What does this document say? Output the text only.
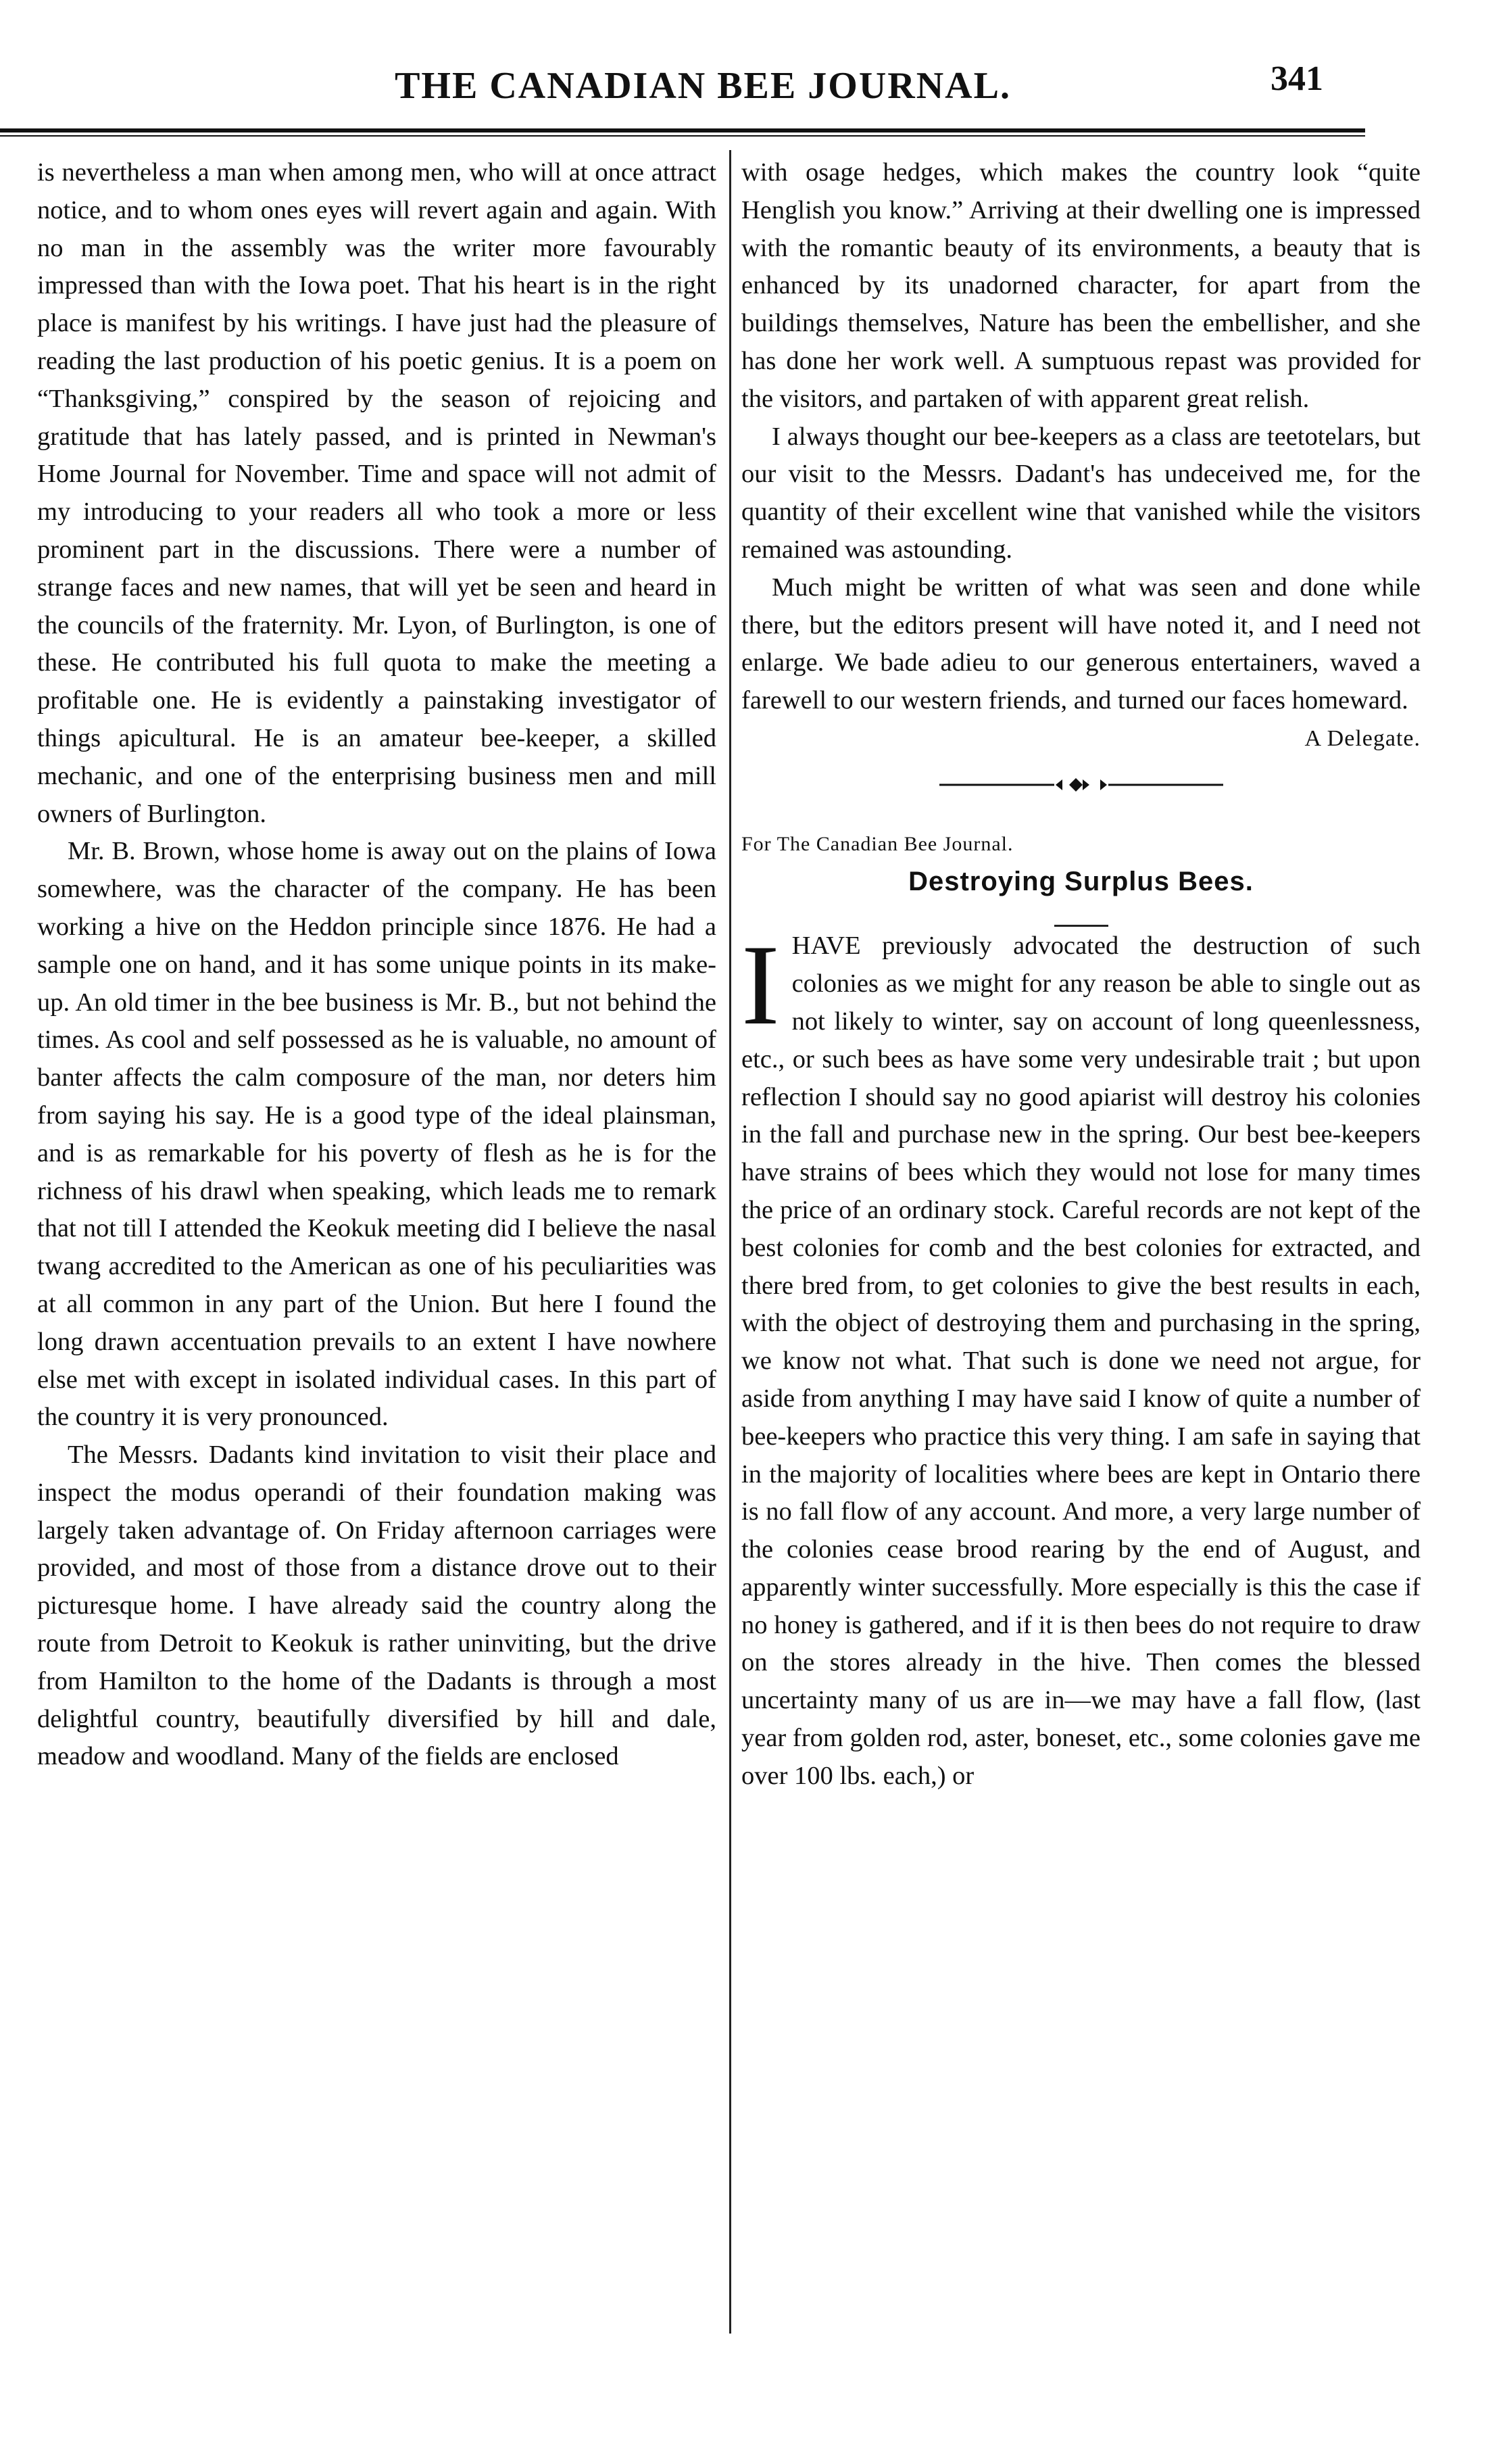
THE CANADIAN BEE JOURNAL.	341

is nevertheless a man when among men, who will at once attract notice, and to whom ones eyes will revert again and again. With no man in the assembly was the writer more favourably impressed than with the Iowa poet. That his heart is in the right place is manifest by his writings. I have just had the pleasure of reading the last production of his poetic genius. It is a poem on “Thanksgiving,” conspired by the season of rejoicing and gratitude that has lately passed, and is printed in Newman's Home Journal for November. Time and space will not admit of my introducing to your readers all who took a more or less prominent part in the discussions. There were a number of strange faces and new names, that will yet be seen and heard in the councils of the fraternity. Mr. Lyon, of Burlington, is one of these. He contributed his full quota to make the meeting a profitable one. He is evidently a painstaking investigator of things apicultural. He is an amateur bee-keeper, a skilled mechanic, and one of the enterprising business men and mill owners of Burlington.

Mr. B. Brown, whose home is away out on the plains of Iowa somewhere, was the character of the company. He has been working a hive on the Heddon principle since 1876. He had a sample one on hand, and it has some unique points in its make-up. An old timer in the bee business is Mr. B., but not behind the times. As cool and self possessed as he is valuable, no amount of banter affects the calm composure of the man, nor deters him from saying his say. He is a good type of the ideal plainsman, and is as remarkable for his poverty of flesh as he is for the richness of his drawl when speaking, which leads me to remark that not till I attended the Keokuk meeting did I believe the nasal twang accredited to the American as one of his peculiarities was at all common in any part of the Union. But here I found the long drawn accentuation prevails to an extent I have nowhere else met with except in isolated individual cases. In this part of the country it is very pronounced.

The Messrs. Dadants kind invitation to visit their place and inspect the modus operandi of their foundation making was largely taken advantage of. On Friday afternoon carriages were provided, and most of those from a distance drove out to their picturesque home. I have already said the country along the route from Detroit to Keokuk is rather uninviting, but the drive from Hamilton to the home of the Dadants is through a most delightful country, beautifully diversified by hill and dale, meadow and woodland. Many of the fields are enclosed

with osage hedges, which makes the country look “quite Henglish you know.” Arriving at their dwelling one is impressed with the romantic beauty of its environments, a beauty that is enhanced by its unadorned character, for apart from the buildings themselves, Nature has been the embellisher, and she has done her work well. A sumptuous repast was provided for the visitors, and partaken of with apparent great relish.

I always thought our bee-keepers as a class are teetotelars, but our visit to the Messrs. Dadant's has undeceived me, for the quantity of their excellent wine that vanished while the visitors remained was astounding.

Much might be written of what was seen and done while there, but the editors present will have noted it, and I need not enlarge. We bade adieu to our generous entertainers, waved a farewell to our western friends, and turned our faces homeward.

A Delegate.

For The Canadian Bee Journal.

Destroying Surplus Bees.

IHAVE previously advocated the destruction of such colonies as we might for any reason be able to single out as not likely to winter, say on account of long queenlessness, etc., or such bees as have some very undesirable trait ; but upon reflection I should say no good apiarist will destroy his colonies in the fall and purchase new in the spring. Our best bee-keepers have strains of bees which they would not lose for many times the price of an ordinary stock. Careful records are not kept of the best colonies for comb and the best colonies for extracted, and there bred from, to get colonies to give the best results in each, with the object of destroying them and purchasing in the spring, we know not what. That such is done we need not argue, for aside from anything I may have said I know of quite a number of bee-keepers who practice this very thing. I am safe in saying that in the majority of localities where bees are kept in Ontario there is no fall flow of any account. And more, a very large number of the colonies cease brood rearing by the end of August, and apparently winter successfully. More especially is this the case if no honey is gathered, and if it is then bees do not require to draw on the stores already in the hive. Then comes the blessed uncertainty many of us are in—we may have a fall flow, (last year from golden rod, aster, boneset, etc., some colonies gave me over 100 lbs. each,) or
